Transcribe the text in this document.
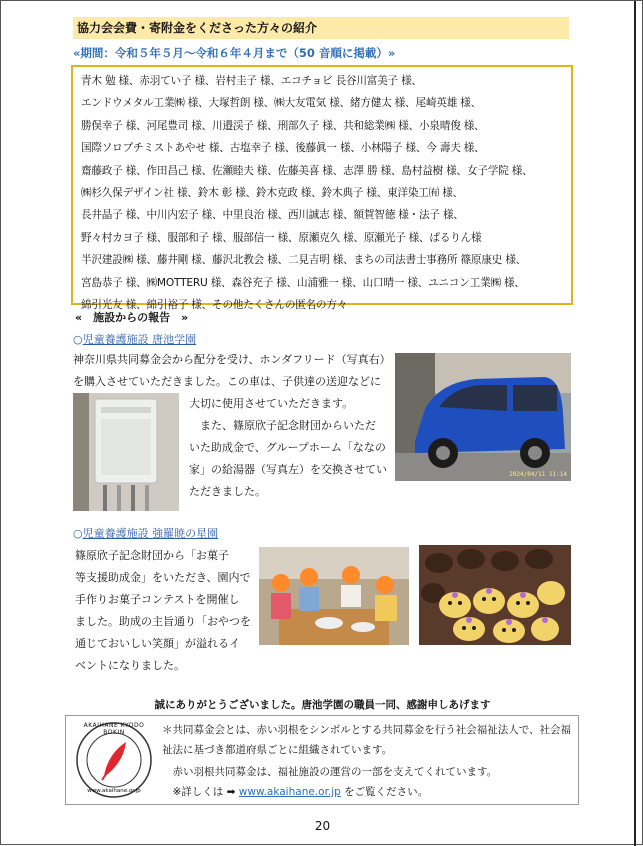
協力会会費・寄附金をくださった方々の紹介
«期間：令和５年５月～令和６年４月まで（50 音順に掲載）»
青木 勉 様、赤羽てい子 様、岩村圭子 様、エコチョビ 長谷川富美子 様、
エンドウメタル工業㈱ 様、大塚哲朗 様、㈱大友電気 様、緒方健太 様、尾崎英雄 様、
勝俣幸子 様、河尾豊司 様、川邉渓子 様、刑部久子 様、共和総業㈱ 様、小泉晴俊 様、
国際ソロプチミストあやせ 様、古塩幸子 様、後藤眞一 様、小林陽子 様、今 壽夫 様、
齋藤政子 様、作田昌己 様、佐瀬睦夫 様、佐藤美喜 様、志澤 勝 様、島村益樹 様、女子学院 様、
㈱杉久保デザイン社 様、鈴木 彰 様、鈴木克政 様、鈴木典子 様、東洋染工㈲ 様、
長井晶子 様、中川内宏子 様、中里良治 様、西川誠志 様、額賀智徳 様・法子 様、
野々村カヨ子 様、服部和子 様、服部信一 様、原瀬克久 様、原瀬光子 様、ぱるりん様
半沢建設㈱ 様、藤井剛 様、藤沢北教会 様、二見吉明 様、まちの司法書士事務所 篠原康史 様、
宮島恭子 様、㈱MOTTERU 様、森谷充子 様、山浦雅一 様、山口晴一 様、ユニコン工業㈱ 様、
綿引光友 様、綿引裕子 様、その他たくさんの匿名の方々
«　施設からの報告　»
○児童養護施設 唐池学園
神奈川県共同募金会から配分を受け、ホンダフリード（写真右）
を購入させていただきました。この車は、子供達の送迎などに
大切に使用させていただきます。
　また、篠原欣子記念財団からいただ
いた助成金で、グループホーム「ななの
家」の給湯器（写真左）を交換させてい
ただきました。
2024/04/11 11:14
○児童養護施設 強羅暁の星園
篠原欣子記念財団から「お菓子
等支援助成金」をいただき、園内で
手作りお菓子コンテストを開催し
ました。助成の主旨通り「おやつを
通じておいしい笑顔」が溢れるイ
ベントになりました。
誠にありがとうございました。唐池学園の職員一同、感謝申しあげます
AKAIHANE KYODO BOKIN
www.akaihane.or.jp
＊共同募金会とは、赤い羽根をシンボルとする共同募金を行う社会福祉法人で、社会福
祉法に基づき都道府県ごとに組織されています。
　赤い羽根共同募金は、福祉施設の運営の一部を支えてくれています。
　※詳しくは ➡ www.akaihane.or.jp をご覧ください。
20
